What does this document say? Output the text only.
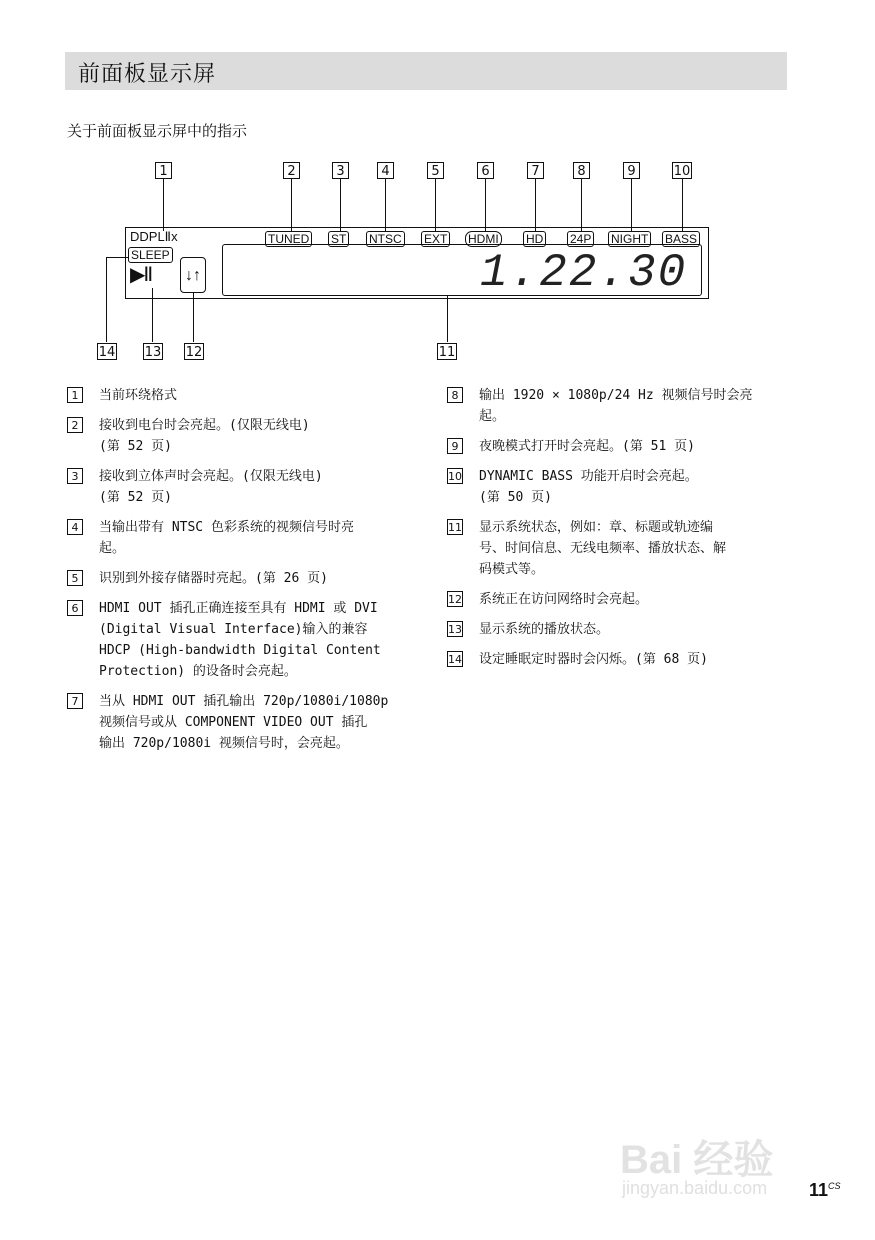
前面板显示屏
关于前面板显示屏中的指示
1	2	3	4	5	6	7	8	9	10
DDPLⅡx	TUNED ST NTSC EXT HDMI HD 24P NIGHT BASS
SLEEP
▶Ⅱ	↓↑	1.22.30
14 13 12	11
1	当前环绕格式
2	接收到电台时会亮起。(仅限无线电)
(第 52 页)
3	接收到立体声时会亮起。(仅限无线电)
(第 52 页)
4	当输出带有 NTSC 色彩系统的视频信号时亮
起。
5	识别到外接存储器时亮起。(第 26 页)
6	HDMI OUT 插孔正确连接至具有 HDMI 或 DVI
(Digital Visual Interface)输入的兼容
HDCP (High-bandwidth Digital Content
Protection) 的设备时会亮起。
7	当从 HDMI OUT 插孔输出 720p/1080i/1080p
视频信号或从 COMPONENT VIDEO OUT 插孔
输出 720p/1080i 视频信号时，会亮起。
8	输出 1920 × 1080p/24 Hz 视频信号时会亮
起。
9	夜晚模式打开时会亮起。(第 51 页)
10 DYNAMIC BASS 功能开启时会亮起。
(第 50 页)
11 显示系统状态，例如：章、标题或轨迹编
号、时间信息、无线电频率、播放状态、解
码模式等。
12 系统正在访问网络时会亮起。
13 显示系统的播放状态。
14 设定睡眠定时器时会闪烁。(第 68 页)
Bai 经验
jingyan.baidu.com $11^{CS}$
